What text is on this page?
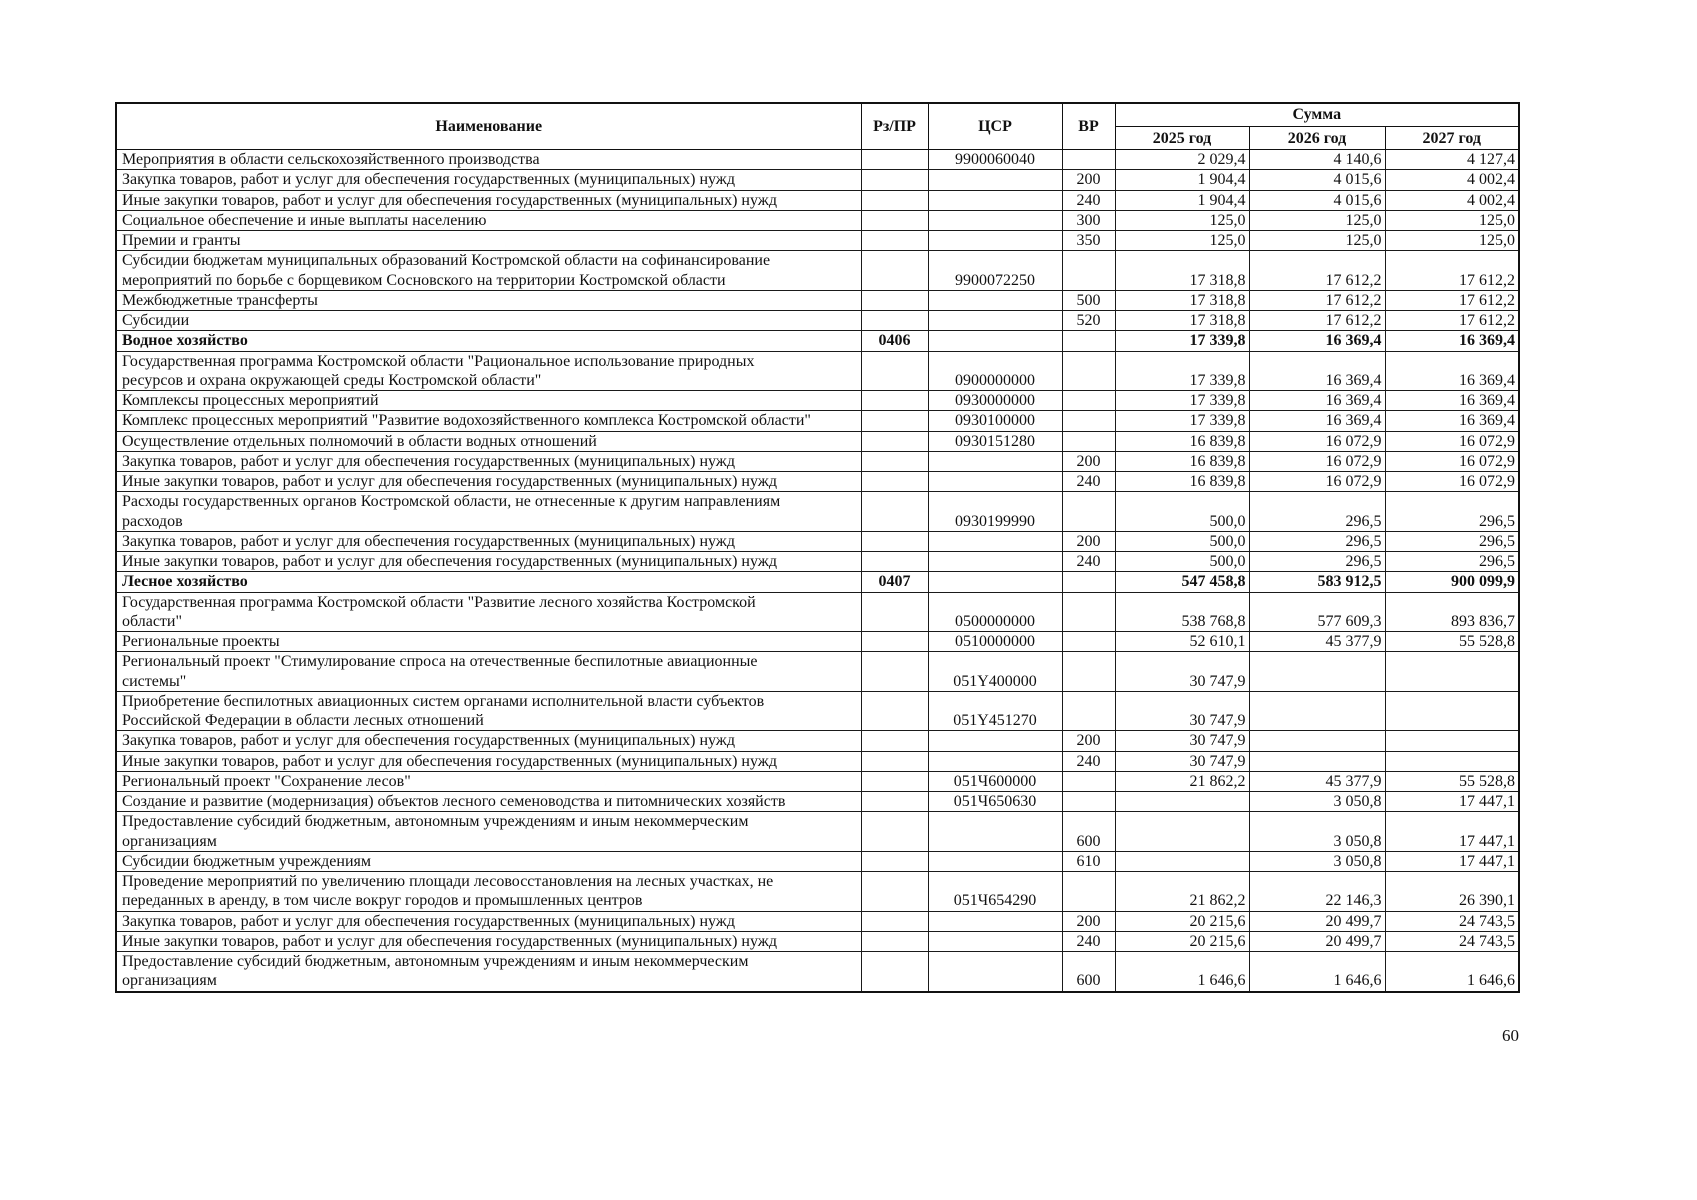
Наименование	Рз/ПР	ЦСР	ВР	Сумма		
				2025 год	2026 год	2027 год
Мероприятия в области сельскохозяйственного производства		9900060040		2 029,4	4 140,6	4 127,4
Закупка товаров, работ и услуг для обеспечения государственных (муниципальных) нужд			200	1 904,4	4 015,6	4 002,4
Иные закупки товаров, работ и услуг для обеспечения государственных (муниципальных) нужд			240	1 904,4	4 015,6	4 002,4
Социальное обеспечение и иные выплаты населению			300	125,0	125,0	125,0
Премии и гранты			350	125,0	125,0	125,0
Субсидии бюджетам муниципальных образований Костромской области на софинансирование
мероприятий по борьбе с борщевиком Сосновского на территории Костромской области		9900072250		17 318,8	17 612,2	17 612,2
Межбюджетные трансферты			500	17 318,8	17 612,2	17 612,2
Субсидии			520	17 318,8	17 612,2	17 612,2
Водное хозяйство	0406			17 339,8	16 369,4	16 369,4
Государственная программа Костромской области "Рациональное использование природных
ресурсов и охрана окружающей среды Костромской области"		0900000000		17 339,8	16 369,4	16 369,4
Комплексы процессных мероприятий		0930000000		17 339,8	16 369,4	16 369,4
Комплекс процессных мероприятий "Развитие водохозяйственного комплекса Костромской области"		0930100000		17 339,8	16 369,4	16 369,4
Осуществление отдельных полномочий в области водных отношений		0930151280		16 839,8	16 072,9	16 072,9
Закупка товаров, работ и услуг для обеспечения государственных (муниципальных) нужд			200	16 839,8	16 072,9	16 072,9
Иные закупки товаров, работ и услуг для обеспечения государственных (муниципальных) нужд			240	16 839,8	16 072,9	16 072,9
Расходы государственных органов Костромской области, не отнесенные к другим направлениям
расходов		0930199990		500,0	296,5	296,5
Закупка товаров, работ и услуг для обеспечения государственных (муниципальных) нужд			200	500,0	296,5	296,5
Иные закупки товаров, работ и услуг для обеспечения государственных (муниципальных) нужд			240	500,0	296,5	296,5
Лесное хозяйство	0407			547 458,8	583 912,5	900 099,9
Государственная программа Костромской области "Развитие лесного хозяйства Костромской
области"		0500000000		538 768,8	577 609,3	893 836,7
Региональные проекты		0510000000		52 610,1	45 377,9	55 528,8
Региональный проект "Стимулирование спроса на отечественные беспилотные авиационные
системы"		051Y400000		30 747,9		
Приобретение беспилотных авиационных систем органами исполнительной власти субъектов
Российской Федерации в области лесных отношений		051Y451270		30 747,9		
Закупка товаров, работ и услуг для обеспечения государственных (муниципальных) нужд			200	30 747,9		
Иные закупки товаров, работ и услуг для обеспечения государственных (муниципальных) нужд			240	30 747,9		
Региональный проект "Сохранение лесов"		051Ч600000		21 862,2	45 377,9	55 528,8
Создание и развитие (модернизация) объектов лесного семеноводства и питомнических хозяйств		051Ч650630			3 050,8	17 447,1
Предоставление субсидий бюджетным, автономным учреждениям и иным некоммерческим
организациям			600		3 050,8	17 447,1
Субсидии бюджетным учреждениям			610		3 050,8	17 447,1
Проведение мероприятий по увеличению площади лесовосстановления на лесных участках, не
переданных в аренду, в том числе вокруг городов и промышленных центров		051Ч654290		21 862,2	22 146,3	26 390,1
Закупка товаров, работ и услуг для обеспечения государственных (муниципальных) нужд			200	20 215,6	20 499,7	24 743,5
Иные закупки товаров, работ и услуг для обеспечения государственных (муниципальных) нужд			240	20 215,6	20 499,7	24 743,5
Предоставление субсидий бюджетным, автономным учреждениям и иным некоммерческим
организациям			600	1 646,6	1 646,6	1 646,6
60
